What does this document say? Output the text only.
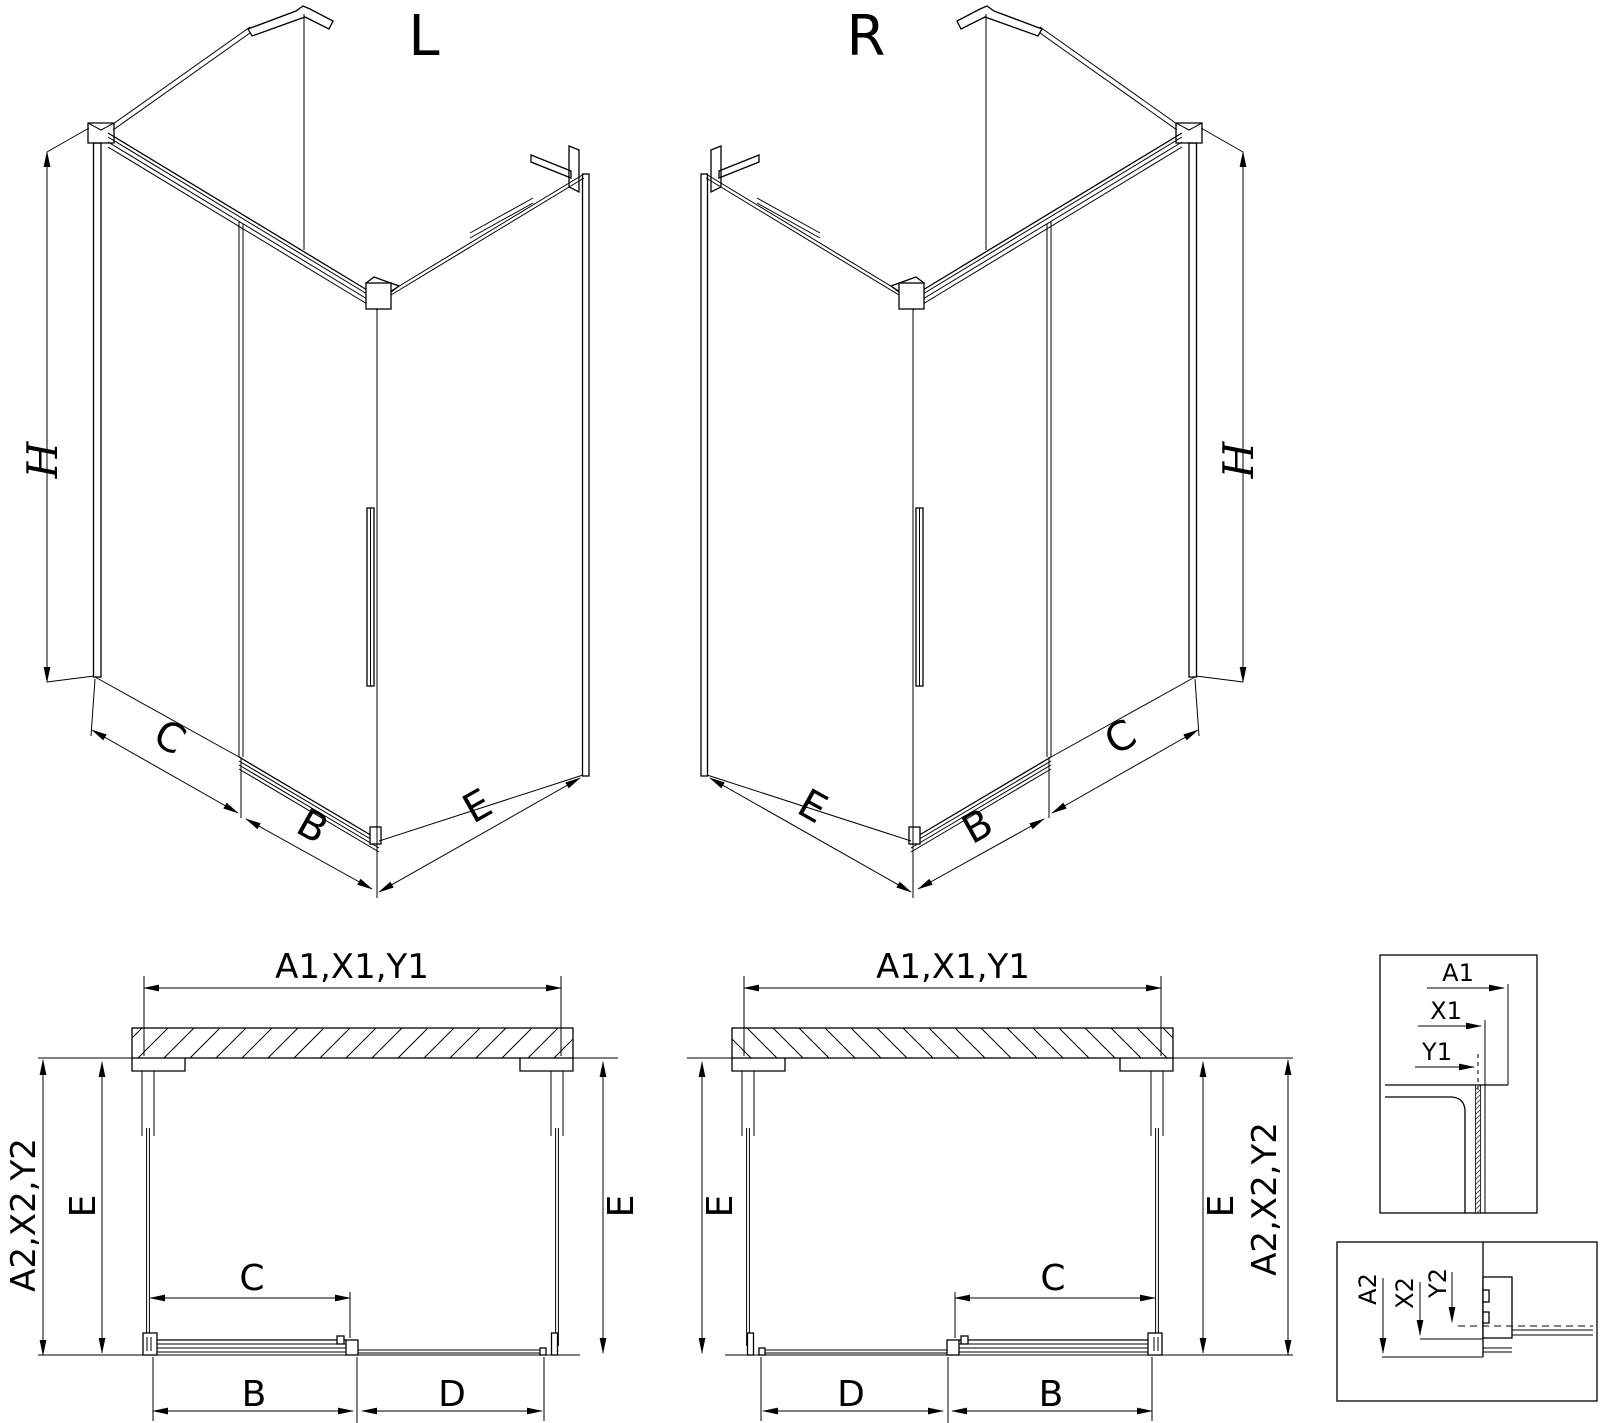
L	R
H	H
C
B	E
C
B
E
A1,X1,Y1	A1,X1,Y1
A2,X2,Y2	A2,X2,Y2
E	E E	E
C
B	D
C
D	B
A1
X1
Y1
A2 X2 Y2
